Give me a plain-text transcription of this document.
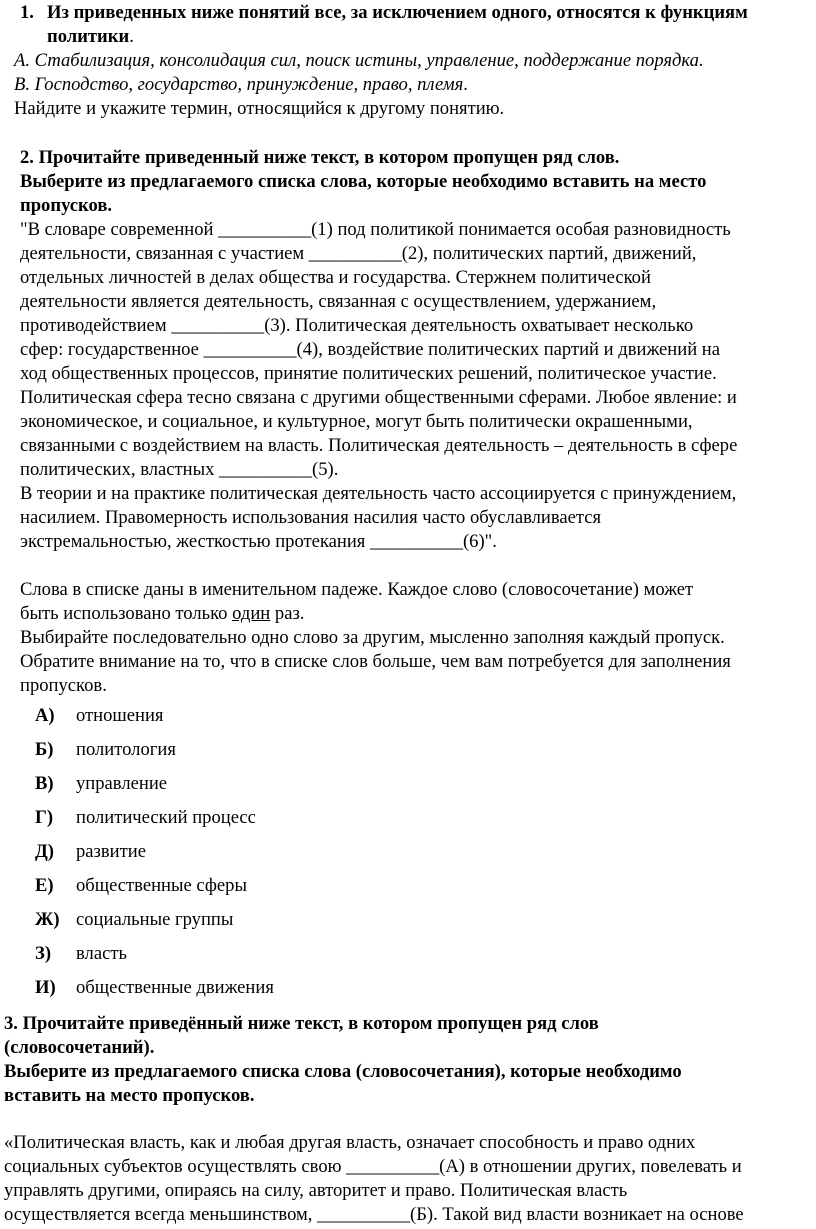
1. Из приведенных ниже понятий все, за исключением одного, относятся к функциям
политики.
А. Стабилизация, консолидация сил, поиск истины, управление, поддержание порядка.
В. Господство, государство, принуждение, право, племя.
Найдите и укажите термин, относящийся к другому понятию.
2. Прочитайте приведенный ниже текст, в котором пропущен ряд слов.
Выберите из предлагаемого списка слова, которые необходимо вставить на место
пропусков.
"В словаре современной __________(1) под политикой понимается особая разновидность
деятельности, связанная с участием __________(2), политических партий, движений,
отдельных личностей в делах общества и государства. Стержнем политической
деятельности является деятельность, связанная с осуществлением, удержанием,
противодействием __________(3). Политическая деятельность охватывает несколько
сфер: государственное __________(4), воздействие политических партий и движений на
ход общественных процессов, принятие политических решений, политическое участие.
Политическая сфера тесно связана с другими общественными сферами. Любое явление: и
экономическое, и социальное, и культурное, могут быть политически окрашенными,
связанными с воздействием на власть. Политическая деятельность – деятельность в сфере
политических, властных __________(5).
В теории и на практике политическая деятельность часто ассоциируется с принуждением,
насилием. Правомерность использования насилия часто обуславливается
экстремальностью, жесткостью протекания __________(6)".
Слова в списке даны в именительном падеже. Каждое слово (словосочетание) может
быть использовано только один раз.
Выбирайте последовательно одно слово за другим, мысленно заполняя каждый пропуск.
Обратите внимание на то, что в списке слов больше, чем вам потребуется для заполнения
пропусков.
А) отношения
Б) политология
В) управление
Г) политический процесс
Д) развитие
Е) общественные сферы
Ж) социальные группы
З) власть
И) общественные движения
3. Прочитайте приведённый ниже текст, в котором пропущен ряд слов
(словосочетаний).
Выберите из предлагаемого списка слова (словосочетания), которые необходимо
вставить на место пропусков.
«Политическая власть, как и любая другая власть, означает способность и право одних
социальных субъектов осуществлять свою __________(А) в отношении других, повелевать и
управлять другими, опираясь на силу, авторитет и право. Политическая власть
осуществляется всегда меньшинством, __________(Б). Такой вид власти возникает на основе
